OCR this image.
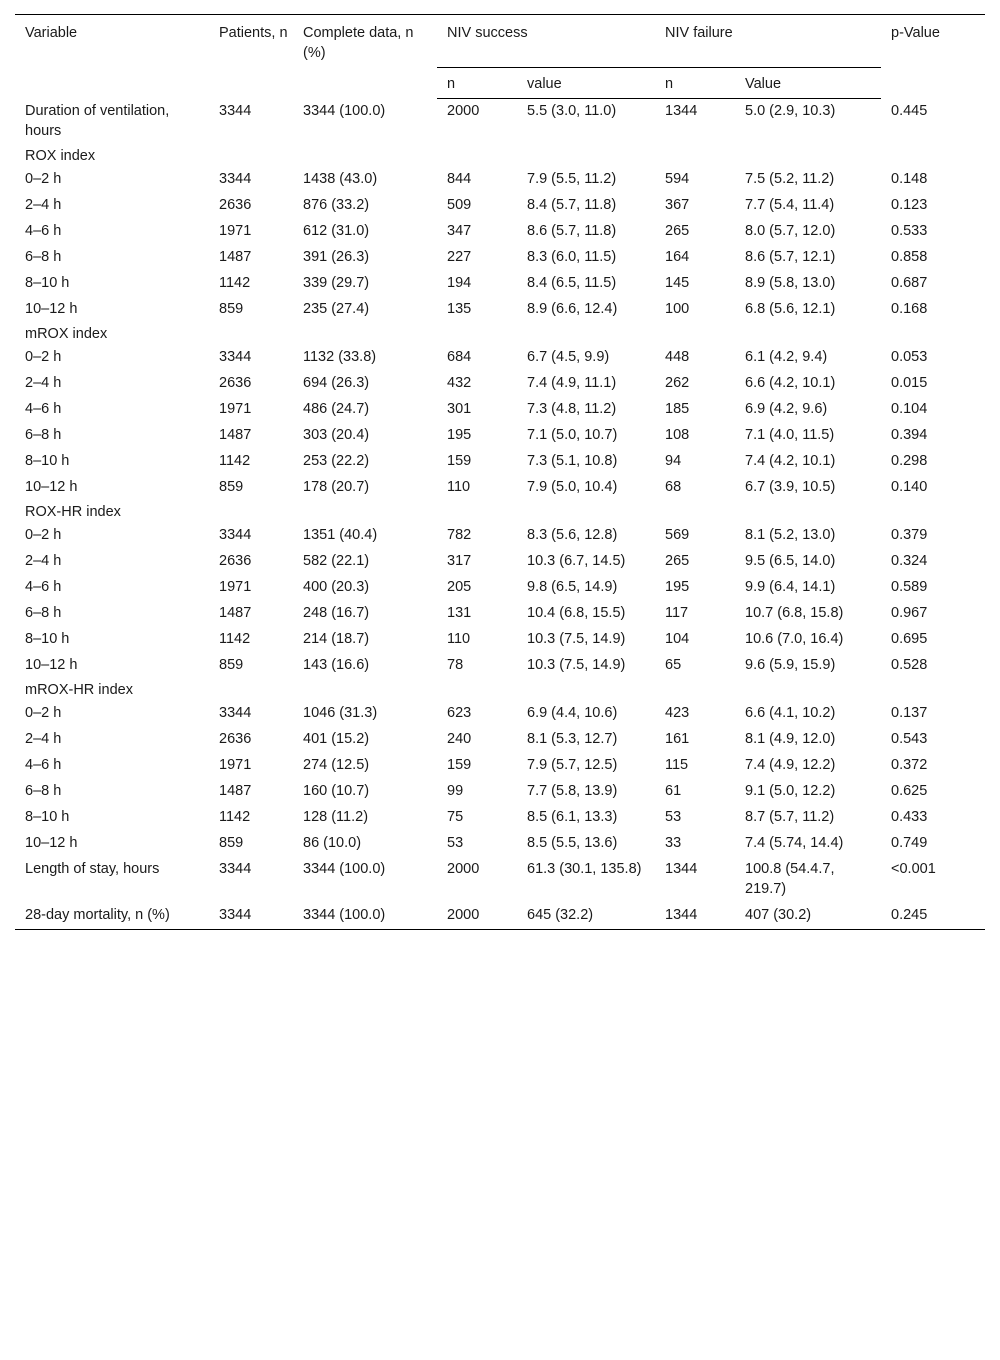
Variable	Patients, n	Complete data, n (%)	NIV success		NIV failure		p-Value
			n	value	n	Value	
Duration of ventilation, hours	3344	3344 (100.0)	2000	5.5 (3.0, 11.0)	1344	5.0 (2.9, 10.3)	0.445
ROX index							
0–2 h	3344	1438 (43.0)	844	7.9 (5.5, 11.2)	594	7.5 (5.2, 11.2)	0.148
2–4 h	2636	876 (33.2)	509	8.4 (5.7, 11.8)	367	7.7 (5.4, 11.4)	0.123
4–6 h	1971	612 (31.0)	347	8.6 (5.7, 11.8)	265	8.0 (5.7, 12.0)	0.533
6–8 h	1487	391 (26.3)	227	8.3 (6.0, 11.5)	164	8.6 (5.7, 12.1)	0.858
8–10 h	1142	339 (29.7)	194	8.4 (6.5, 11.5)	145	8.9 (5.8, 13.0)	0.687
10–12 h	859	235 (27.4)	135	8.9 (6.6, 12.4)	100	6.8 (5.6, 12.1)	0.168
mROX index							
0–2 h	3344	1132 (33.8)	684	6.7 (4.5, 9.9)	448	6.1 (4.2, 9.4)	0.053
2–4 h	2636	694 (26.3)	432	7.4 (4.9, 11.1)	262	6.6 (4.2, 10.1)	0.015
4–6 h	1971	486 (24.7)	301	7.3 (4.8, 11.2)	185	6.9 (4.2, 9.6)	0.104
6–8 h	1487	303 (20.4)	195	7.1 (5.0, 10.7)	108	7.1 (4.0, 11.5)	0.394
8–10 h	1142	253 (22.2)	159	7.3 (5.1, 10.8)	94	7.4 (4.2, 10.1)	0.298
10–12 h	859	178 (20.7)	110	7.9 (5.0, 10.4)	68	6.7 (3.9, 10.5)	0.140
ROX-HR index							
0–2 h	3344	1351 (40.4)	782	8.3 (5.6, 12.8)	569	8.1 (5.2, 13.0)	0.379
2–4 h	2636	582 (22.1)	317	10.3 (6.7, 14.5)	265	9.5 (6.5, 14.0)	0.324
4–6 h	1971	400 (20.3)	205	9.8 (6.5, 14.9)	195	9.9 (6.4, 14.1)	0.589
6–8 h	1487	248 (16.7)	131	10.4 (6.8, 15.5)	117	10.7 (6.8, 15.8)	0.967
8–10 h	1142	214 (18.7)	110	10.3 (7.5, 14.9)	104	10.6 (7.0, 16.4)	0.695
10–12 h	859	143 (16.6)	78	10.3 (7.5, 14.9)	65	9.6 (5.9, 15.9)	0.528
mROX-HR index							
0–2 h	3344	1046 (31.3)	623	6.9 (4.4, 10.6)	423	6.6 (4.1, 10.2)	0.137
2–4 h	2636	401 (15.2)	240	8.1 (5.3, 12.7)	161	8.1 (4.9, 12.0)	0.543
4–6 h	1971	274 (12.5)	159	7.9 (5.7, 12.5)	115	7.4 (4.9, 12.2)	0.372
6–8 h	1487	160 (10.7)	99	7.7 (5.8, 13.9)	61	9.1 (5.0, 12.2)	0.625
8–10 h	1142	128 (11.2)	75	8.5 (6.1, 13.3)	53	8.7 (5.7, 11.2)	0.433
10–12 h	859	86 (10.0)	53	8.5 (5.5, 13.6)	33	7.4 (5.74, 14.4)	0.749
Length of stay, hours	3344	3344 (100.0)	2000	61.3 (30.1, 135.8)	1344	100.8 (54.4.7, 219.7)	<0.001
28-day mortality, n (%)	3344	3344 (100.0)	2000	645 (32.2)	1344	407 (30.2)	0.245
